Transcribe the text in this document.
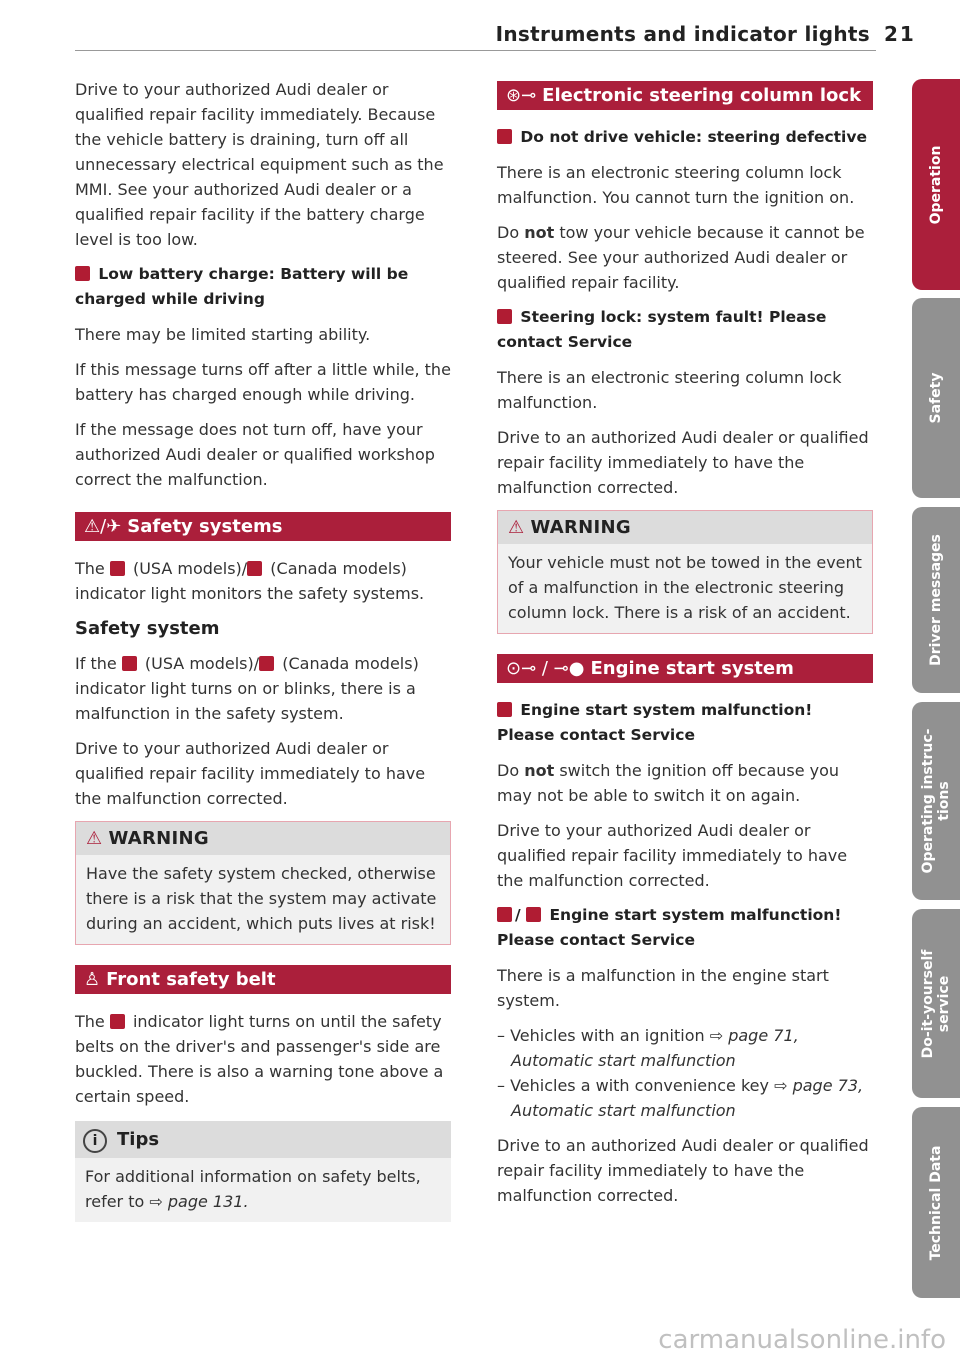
Instruments and indicator lights 21

Drive to your authorized Audi dealer or qualified repair facility immediately. Because the vehicle battery is draining, turn off all unnecessary electrical equipment such as the MMI. See your authorized Audi dealer or a qualified repair facility if the battery charge level is too low.

Low battery charge: Battery will be charged while driving

There may be limited starting ability.

If this message turns off after a little while, the battery has charged enough while driving.

If the message does not turn off, have your authorized Audi dealer or qualified workshop correct the malfunction.

⚠/✈ Safety systems

The (USA models)/ (Canada models) indicator light monitors the safety systems.

Safety system

If the (USA models)/ (Canada models) indicator light turns on or blinks, there is a malfunction in the safety system.

Drive to your authorized Audi dealer or qualified repair facility immediately to have the malfunction corrected.

⚠ WARNING
Have the safety system checked, otherwise there is a risk that the system may activate during an accident, which puts lives at risk!
♙ Front safety belt

The indicator light turns on until the safety belts on the driver's and passenger's side are buckled. There is also a warning tone above a certain speed.

i Tips
For additional information on safety belts, refer to ⇨ page 131.
⊛⊸ Electronic steering column lock
Do not drive vehicle: steering defective

There is an electronic steering column lock malfunction. You cannot turn the ignition on.

Do not tow your vehicle because it cannot be steered. See your authorized Audi dealer or qualified repair facility.

Steering lock: system fault! Please contact Service

There is an electronic steering column lock malfunction.

Drive to an authorized Audi dealer or qualified repair facility immediately to have the malfunction corrected.

⚠ WARNING
Your vehicle must not be towed in the event of a malfunction in the electronic steering column lock. There is a risk of an accident.
⊙⊸ / ⊸● Engine start system
Engine start system malfunction! Please contact Service

Do not switch the ignition off because you may not be able to switch it on again.

Drive to your authorized Audi dealer or qualified repair facility immediately to have the malfunction corrected.

/  Engine start system malfunction! Please contact Service

There is a malfunction in the engine start system.

– Vehicles with an ignition ⇨ page 71, Automatic start malfunction
– Vehicles a with convenience key ⇨ page 73, Automatic start malfunction

Drive to an authorized Audi dealer or qualified repair facility immediately to have the malfunction corrected.

Operation
Safety
Driver messages
Operating instruc-
tions
Do-it-yourself
service
Technical Data
carmanualsonline.info
